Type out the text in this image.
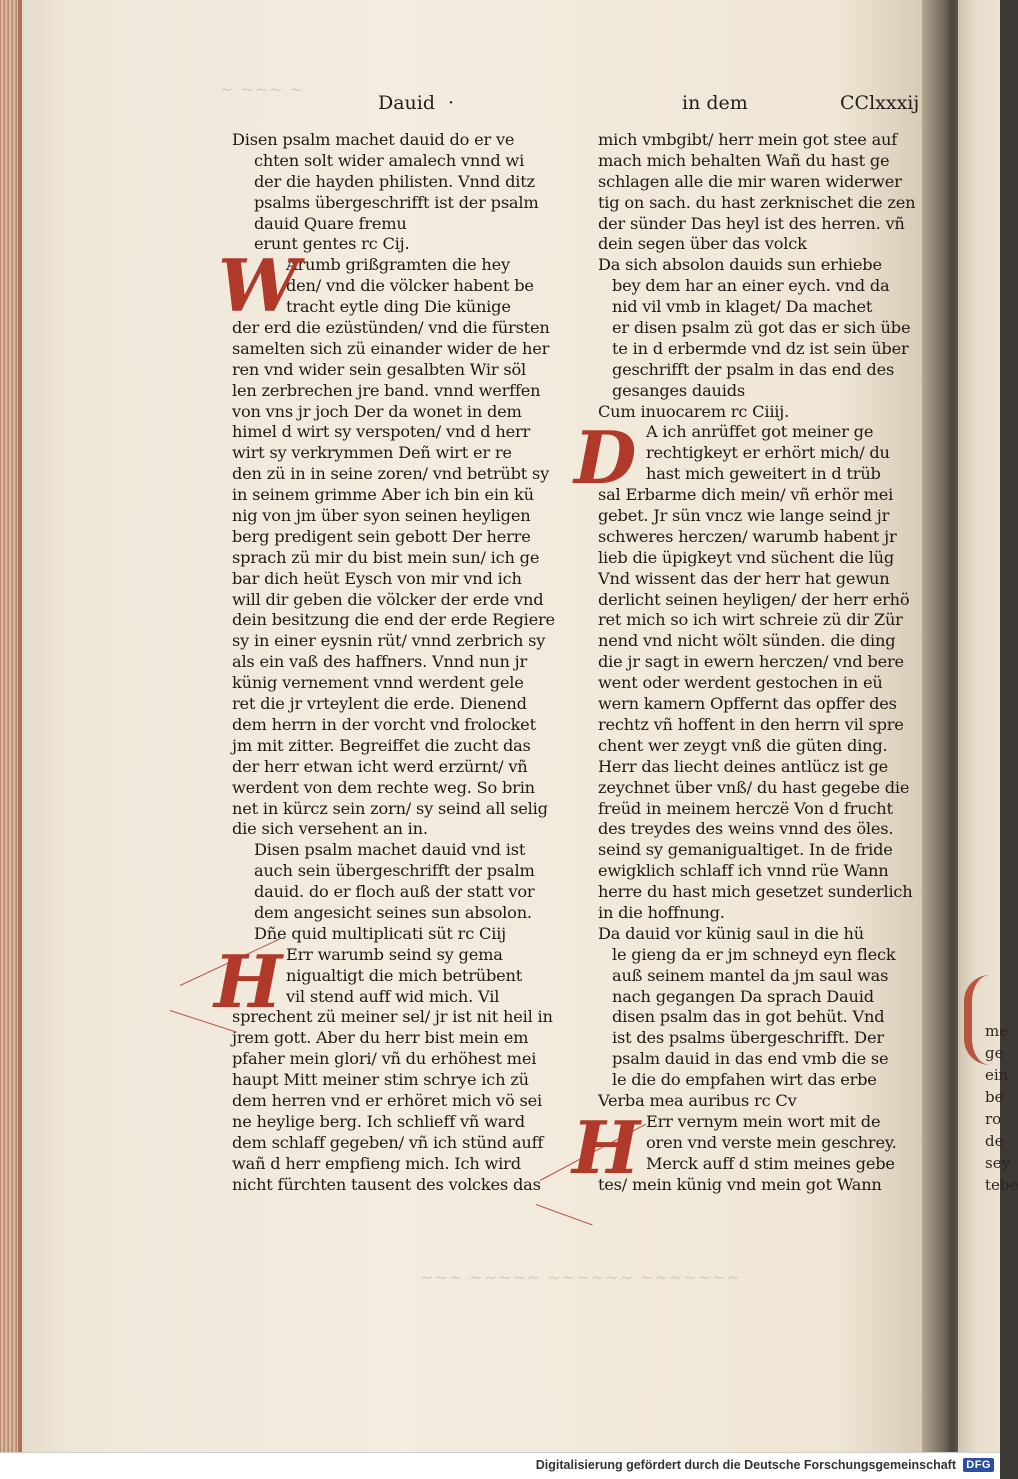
me
ge
ein
be
ro
de
sey
tebe
~ ~~~ ~
~~~ ~~~~~ ~~~~~~ ~~~~~~~
Dauid ·	in dem	CClxxxij
Disen psalm machet dauid do er ve
chten solt wider amalech vnnd wi
der die hayden philisten. Vnnd ditz
psalms übergeschrifft ist der psalm
dauid Quare fremu
erunt gentes rc Cij.
Arumb grißgramten die hey
den/ vnd die völcker habent be
tracht eytle ding Die künige
der erd die ezüstünden/ vnd die fürsten
samelten sich zü einander wider de her
ren vnd wider sein gesalbten Wir söl
len zerbrechen jre band. vnnd werffen
von vns jr joch Der da wonet in dem
himel d wirt sy verspoten/ vnd d herr
wirt sy verkrymmen Deñ wirt er re
den zü in in seine zoren/ vnd betrübt sy
in seinem grimme Aber ich bin ein kü
nig von jm über syon seinen heyligen
berg predigent sein gebott Der herre
sprach zü mir du bist mein sun/ ich ge
bar dich heüt Eysch von mir vnd ich
will dir geben die völcker der erde vnd
dein besitzung die end der erde Regiere
sy in einer eysnin rüt/ vnnd zerbrich sy
als ein vaß des haffners. Vnnd nun jr
künig vernement vnnd werdent gele
ret die jr vrteylent die erde. Dienend
dem herrn in der vorcht vnd frolocket
jm mit zitter. Begreiffet die zucht das
der herr etwan icht werd erzürnt/ vñ
werdent von dem rechte weg. So brin
net in kürcz sein zorn/ sy seind all selig
die sich versehent an in.
Disen psalm machet dauid vnd ist
auch sein übergeschrifft der psalm
dauid. do er floch auß der statt vor
dem angesicht seines sun absolon.
Dñe quid multiplicati süt rc Ciij
Err warumb seind sy gema
nigualtigt die mich betrübent
vil stend auff wid mich. Vil
sprechent zü meiner sel/ jr ist nit heil in
jrem gott. Aber du herr bist mein em
pfaher mein glori/ vñ du erhöhest mei
haupt Mitt meiner stim schrye ich zü
dem herren vnd er erhöret mich vö sei
ne heylige berg. Ich schlieff vñ ward
dem schlaff gegeben/ vñ ich stünd auff
wañ d herr empfieng mich. Ich wird
nicht fürchten tausent des volckes das
mich vmbgibt/ herr mein got stee auf
mach mich behalten Wañ du hast ge
schlagen alle die mir waren widerwer
tig on sach. du hast zerknischet die zen
der sünder Das heyl ist des herren. vñ
dein segen über das volck
Da sich absolon dauids sun erhiebe
bey dem har an einer eych. vnd da
nid vil vmb in klaget/ Da machet
er disen psalm zü got das er sich übe
te in d erbermde vnd dz ist sein über
geschrifft der psalm in das end des
gesanges dauids
Cum inuocarem rc Ciiij.
A ich anrüffet got meiner ge
rechtigkeyt er erhört mich/ du
hast mich geweitert in d trüb
sal Erbarme dich mein/ vñ erhör mei
gebet. Jr sün vncz wie lange seind jr
schweres herczen/ warumb habent jr
lieb die üpigkeyt vnd süchent die lüg
Vnd wissent das der herr hat gewun
derlicht seinen heyligen/ der herr erhö
ret mich so ich wirt schreie zü dir Zür
nend vnd nicht wölt sünden. die ding
die jr sagt in ewern herczen/ vnd bere
went oder werdent gestochen in eü
wern kamern Opffernt das opffer des
rechtz vñ hoffent in den herrn vil spre
chent wer zeygt vnß die güten ding.
Herr das liecht deines antlücz ist ge
zeychnet über vnß/ du hast gegebe die
freüd in meinem herczë Von d frucht
des treydes des weins vnnd des öles.
seind sy gemanigualtiget. In de fride
ewigklich schlaff ich vnnd rüe Wann
herre du hast mich gesetzet sunderlich
in die hoffnung.
Da dauid vor künig saul in die hü
le gieng da er jm schneyd eyn fleck
auß seinem mantel da jm saul was
nach gegangen Da sprach Dauid
disen psalm das in got behüt. Vnd
ist des psalms übergeschrifft. Der
psalm dauid in das end vmb die se
le die do empfahen wirt das erbe
Verba mea auribus rc Cv
Err vernym mein wort mit de
oren vnd verste mein geschrey.
Merck auff d stim meines gebe
tes/ mein künig vnd mein got Wann
W
H
D
H
Digitalisierung gefördert durch die Deutsche Forschungsgemeinschaft DFG
